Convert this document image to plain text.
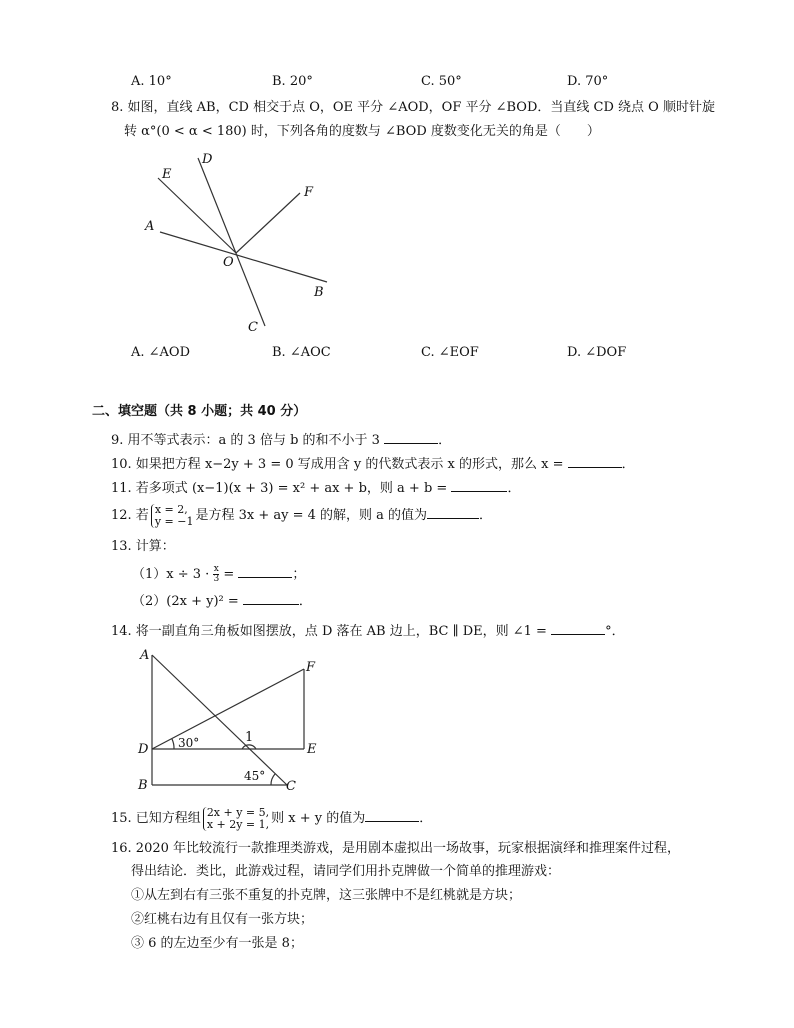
A. 10°	B. 20°	C. 50°	D. 70°
8. 如图，直线 AB，CD 相交于点 O，OE 平分 ∠AOD，OF 平分 ∠BOD．当直线 CD 绕点 O 顺时针旋
转 α°(0 < α < 180) 时，下列各角的度数与 ∠BOD 度数变化无关的角是（　　）
D
E
F
A
O
B
C
A. ∠AOD	B. ∠AOC	C. ∠EOF	D. ∠DOF
二、填空题（共 8 小题；共 40 分）
9. 用不等式表示：a 的 3 倍与 b 的和不小于 3	．
10. 如果把方程 x−2y + 3 = 0 写成用含 y 的代数式表示 x 的形式，那么 x =	．
11. 若多项式 (x−1)(x + 3) = x² + ax + b，则 a + b =	．
12. 若 x = 2,
y = −1 是方程 3x + ay = 4 的解，则 a 的值为	．
13. 计算：
$(1)x \div 3 \cdot \frac{x}{3}$ =	；
（2）(2x + y)² =	．
14. 将一副直角三角板如图摆放，点 D 落在 AB 边上，BC ∥ DE，则 ∠1 =	°．
A
F
D	E
B	C
30°
45°
1
15. 已知方程组 2x + y = 5,
x + 2y = 1, 则 x + y 的值为	．
16. 2020 年比较流行一款推理类游戏，是用剧本虚拟出一场故事，玩家根据演绎和推理案件过程，
得出结论．类比，此游戏过程，请同学们用扑克牌做一个简单的推理游戏：
①从左到右有三张不重复的扑克牌，这三张牌中不是红桃就是方块；
②红桃右边有且仅有一张方块；
③ 6 的左边至少有一张是 8；
